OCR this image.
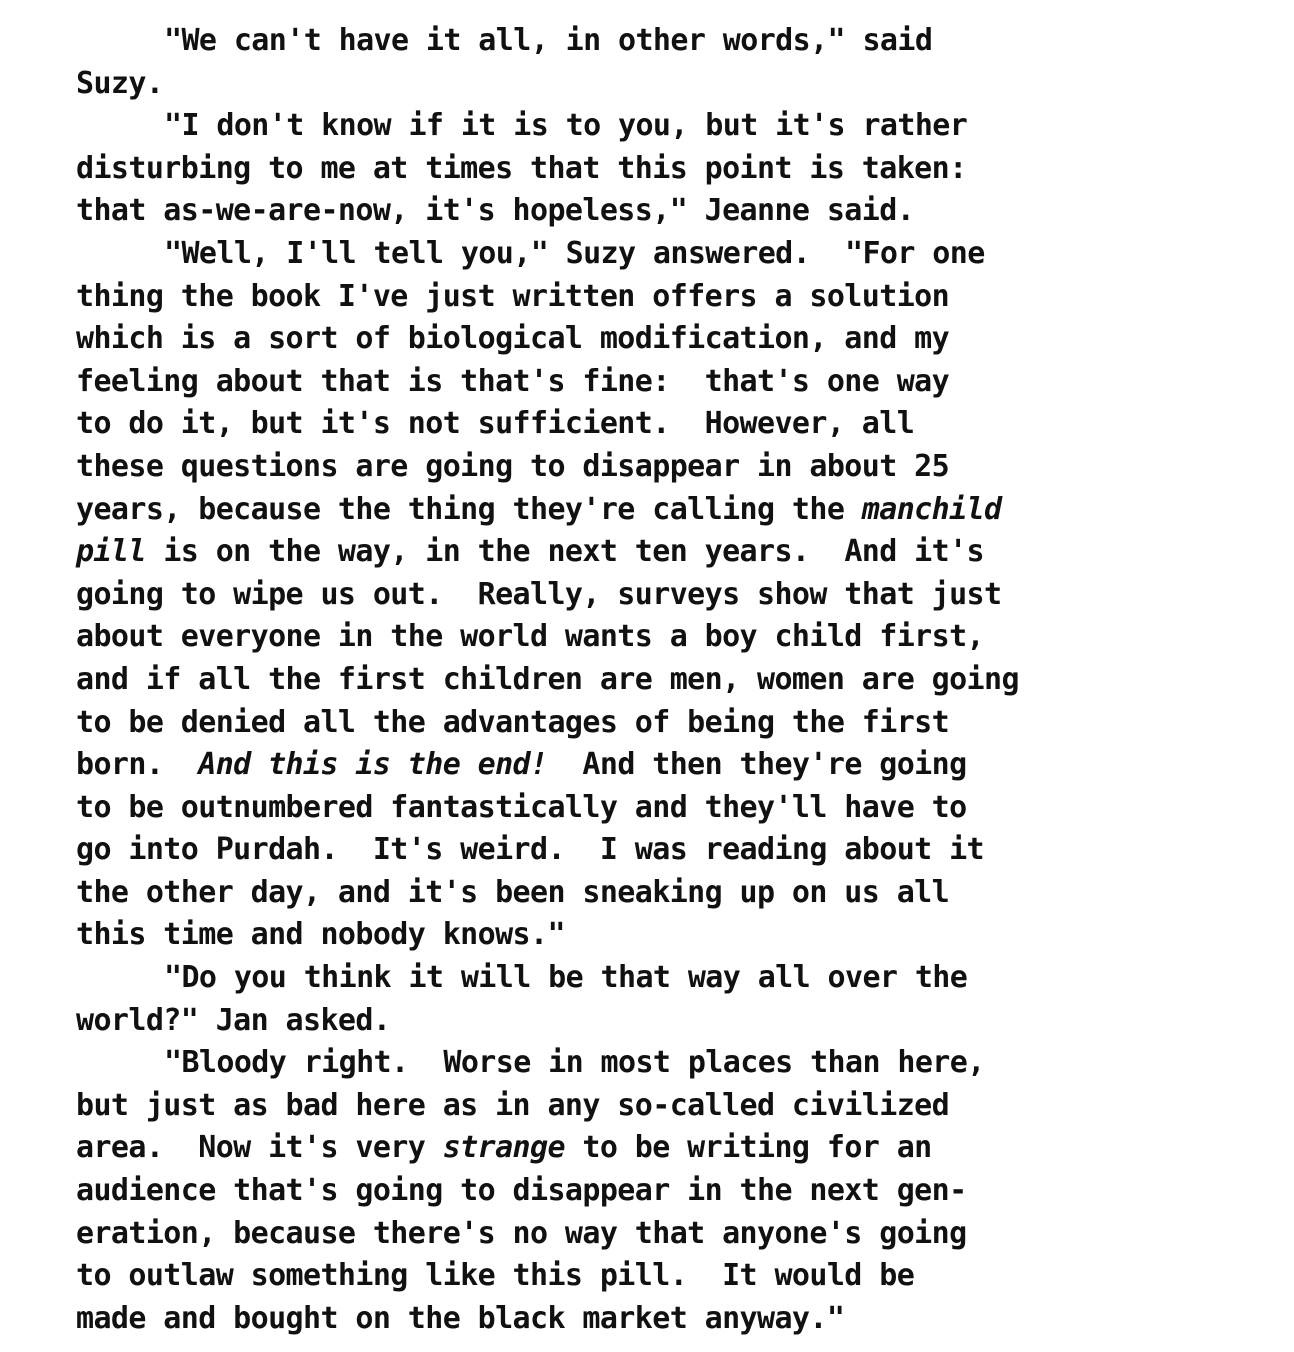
"We can't have it all, in other words," said
Suzy.
"I don't know if it is to you, but it's rather
disturbing to me at times that this point is taken:
that as-we-are-now, it's hopeless," Jeanne said.
"Well, I'll tell you," Suzy answered.  "For one
thing the book I've just written offers a solution
which is a sort of biological modification, and my
feeling about that is that's fine:  that's one way
to do it, but it's not sufficient.  However, all
these questions are going to disappear in about 25
years, because the thing they're calling the manchild
pill is on the way, in the next ten years.  And it's
going to wipe us out.  Really, surveys show that just
about everyone in the world wants a boy child first,
and if all the first children are men, women are going
to be denied all the advantages of being the first
born.  And this is the end!  And then they're going
to be outnumbered fantastically and they'll have to
go into Purdah.  It's weird.  I was reading about it
the other day, and it's been sneaking up on us all
this time and nobody knows."
"Do you think it will be that way all over the
world?" Jan asked.
"Bloody right.  Worse in most places than here,
but just as bad here as in any so-called civilized
area.  Now it's very strange to be writing for an
audience that's going to disappear in the next gen-
eration, because there's no way that anyone's going
to outlaw something like this pill.  It would be
made and bought on the black market anyway."
